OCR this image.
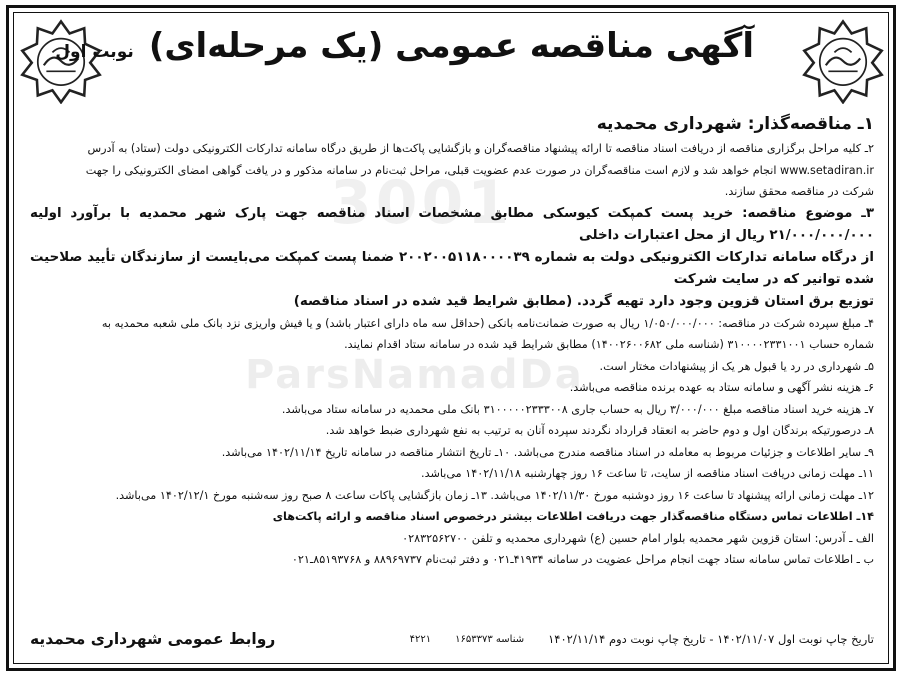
3001
ParsNamadDa
آگهی مناقصه عمومی (یک مرحله‌ای) نوبت اول
۱ـ مناقصه‌گذار: شهرداری محمدیه
۲ـ کلیه مراحل برگزاری مناقصه از دریافت اسناد مناقصه تا ارائه پیشنهاد مناقصه‌گران و بازگشایی پاکت‌ها از طریق درگاه سامانه تدارکات الکترونیکی دولت (ستاد) به آدرس
www.setadiran.ir انجام خواهد شد و لازم است مناقصه‌گران در صورت عدم عضویت قبلی، مراحل ثبت‌نام در سامانه مذکور و در یافت گواهی امضای الکترونیکی را جهت
شرکت در مناقصه محقق سازند.
۳ـ موضوع مناقصه: خرید پست کمپکت کیوسکی مطابق مشخصات اسناد مناقصه جهت پارک شهر محمدیه با برآورد اولیه ۲۱/۰۰۰/۰۰۰/۰۰۰ ریال از محل اعتبارات داخلی
از درگاه سامانه تدارکات الکترونیکی دولت به شماره ۲۰۰۲۰۰۵۱۱۸۰۰۰۰۳۹ ضمنا پست کمپکت می‌بایست از سازندگان تأیید صلاحیت شده توانیر که در سایت شرکت
توزیع برق استان قزوین وجود دارد تهیه گردد. (مطابق شرایط قید شده در اسناد مناقصه)
۴ـ مبلغ سپرده شرکت در مناقصه: ۱/۰۵۰/۰۰۰/۰۰۰ ریال به صورت ضمانت‌نامه بانکی (حداقل سه ماه دارای اعتبار باشد) و یا فیش واریزی نزد بانک ملی شعبه محمدیه به
شماره حساب ۳۱۰۰۰۰۲۳۳۱۰۰۱ (شناسه ملی ۱۴۰۰۲۶۰۰۶۸۲) مطابق شرایط قید شده در سامانه ستاد اقدام نمایند.
۵ـ شهرداری در رد یا قبول هر یک از پیشنهادات مختار است.
۶ـ هزینه نشر آگهی و سامانه ستاد به عهده برنده مناقصه می‌باشد.
۷ـ هزینه خرید اسناد مناقصه مبلغ ۳/۰۰۰/۰۰۰ ریال به حساب جاری ۳۱۰۰۰۰۰۲۳۳۳۰۰۸ بانک ملی محمدیه در سامانه ستاد می‌باشد.
۸ـ درصورتیکه برندگان اول و دوم حاضر به انعقاد قرارداد نگردند سپرده آنان به ترتیب به نفع شهرداری ضبط خواهد شد.
۹ـ سایر اطلاعات و جزئیات مربوط به معامله در اسناد مناقصه مندرج می‌باشد. ۱۰ـ تاریخ انتشار مناقصه در سامانه تاریخ ۱۴۰۲/۱۱/۱۴ می‌باشد.
۱۱ـ مهلت زمانی دریافت اسناد مناقصه از سایت، تا ساعت ۱۶ روز چهارشنبه ۱۴۰۲/۱۱/۱۸ می‌باشد.
۱۲ـ مهلت زمانی ارائه پیشنهاد تا ساعت ۱۶ روز دوشنبه مورخ ۱۴۰۲/۱۱/۳۰ می‌باشد. ۱۳ـ زمان بازگشایی پاکات ساعت ۸ صبح روز سه‌شنبه مورخ ۱۴۰۲/۱۲/۱ می‌باشد.
۱۴ـ اطلاعات تماس دستگاه مناقصه‌گذار جهت دریافت اطلاعات بیشتر درخصوص اسناد مناقصه و ارائه پاکت‌های
الف ـ آدرس: استان قزوین شهر محمدیه بلوار امام حسین (ع) شهرداری محمدیه و تلفن ۰۲۸۳۲۵۶۲۷۰۰
ب ـ اطلاعات تماس سامانه ستاد جهت انجام مراحل عضویت در سامانه ۴۱۹۳۴ـ۰۲۱ و دفتر ثبت‌نام ۸۸۹۶۹۷۳۷ و ۸۵۱۹۳۷۶۸ـ۰۲۱
تاریخ چاپ نوبت اول ۱۴۰۲/۱۱/۰۷ - تاریخ چاپ نوبت دوم ۱۴۰۲/۱۱/۱۴
شناسه ۱۶۵۳۳۷۳
۴۲۲۱
روابط عمومی شهرداری محمدیه
